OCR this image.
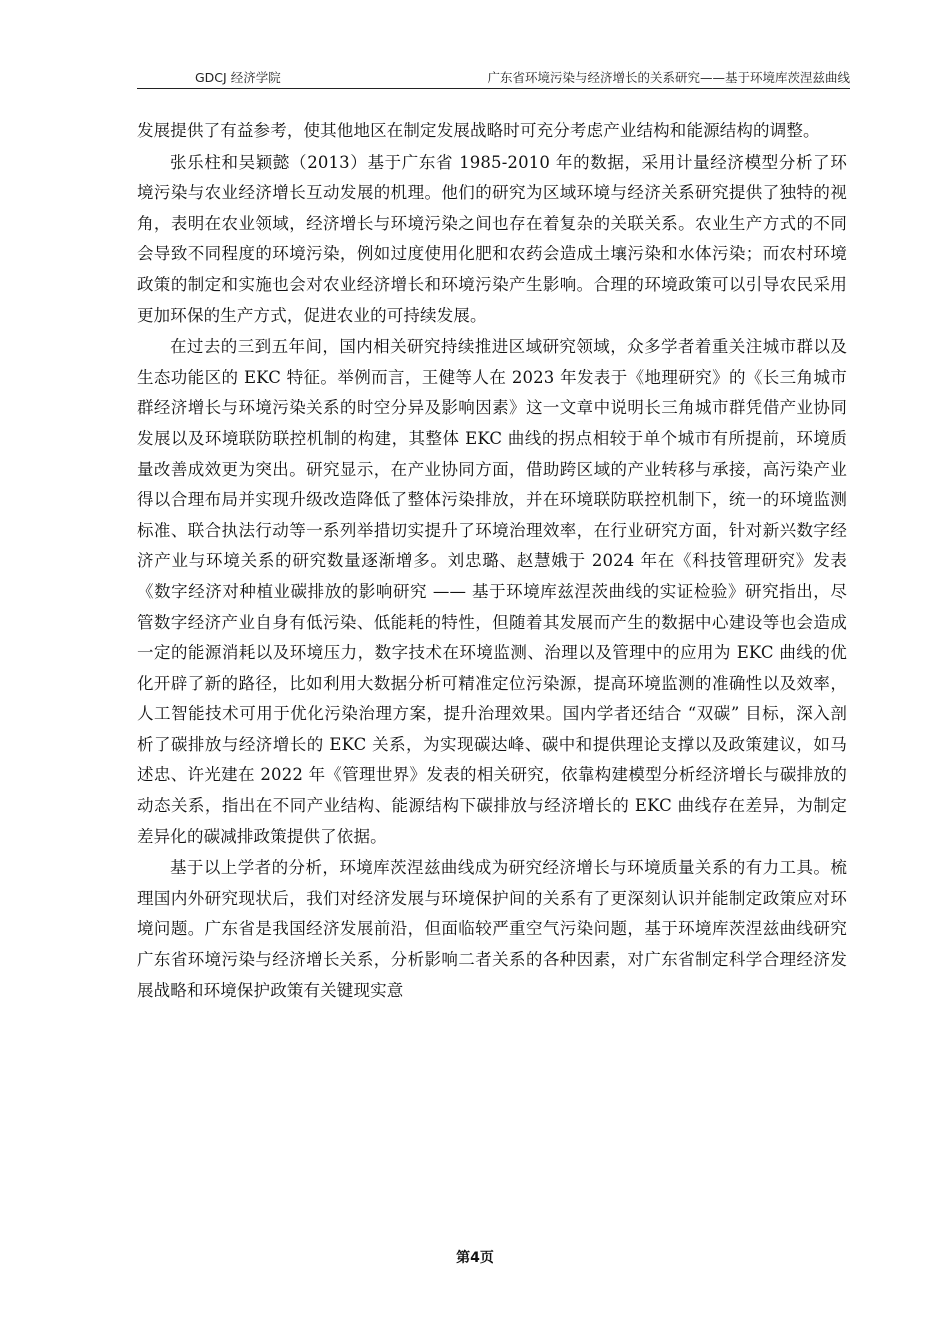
GDCJ 经济学院	广东省环境污染与经济增长的关系研究——基于环境库茨涅兹曲线

发展提供了有益参考，使其他地区在制定发展战略时可充分考虑产业结构和能源结构的调整。

张乐柱和吴颖懿（2013）基于广东省 1985-2010 年的数据，采用计量经济模型分析了环境污染与农业经济增长互动发展的机理。他们的研究为区域环境与经济关系研究提供了独特的视角，表明在农业领域，经济增长与环境污染之间也存在着复杂的关联关系。农业生产方式的不同会导致不同程度的环境污染，例如过度使用化肥和农药会造成土壤污染和水体污染；而农村环境政策的制定和实施也会对农业经济增长和环境污染产生影响。合理的环境政策可以引导农民采用更加环保的生产方式，促进农业的可持续发展。

在过去的三到五年间，国内相关研究持续推进区域研究领域，众多学者着重关注城市群以及生态功能区的 EKC 特征。举例而言，王健等人在 2023 年发表于《地理研究》的《长三角城市群经济增长与环境污染关系的时空分异及影响因素》这一文章中说明长三角城市群凭借产业协同发展以及环境联防联控机制的构建，其整体 EKC 曲线的拐点相较于单个城市有所提前，环境质量改善成效更为突出。研究显示，在产业协同方面，借助跨区域的产业转移与承接，高污染产业得以合理布局并实现升级改造降低了整体污染排放，并在环境联防联控机制下，统一的环境监测标准、联合执法行动等一系列举措切实提升了环境治理效率，在行业研究方面，针对新兴数字经济产业与环境关系的研究数量逐渐增多。刘忠璐、赵慧娥于 2024 年在《科技管理研究》发表《数字经济对种植业碳排放的影响研究 —— 基于环境库兹涅茨曲线的实证检验》研究指出，尽管数字经济产业自身有低污染、低能耗的特性，但随着其发展而产生的数据中心建设等也会造成一定的能源消耗以及环境压力，数字技术在环境监测、治理以及管理中的应用为 EKC 曲线的优化开辟了新的路径，比如利用大数据分析可精准定位污染源，提高环境监测的准确性以及效率，人工智能技术可用于优化污染治理方案，提升治理效果。国内学者还结合 “双碳” 目标，深入剖析了碳排放与经济增长的 EKC 关系，为实现碳达峰、碳中和提供理论支撑以及政策建议，如马述忠、许光建在 2022 年《管理世界》发表的相关研究，依靠构建模型分析经济增长与碳排放的动态关系，指出在不同产业结构、能源结构下碳排放与经济增长的 EKC 曲线存在差异，为制定差异化的碳减排政策提供了依据。

基于以上学者的分析，环境库茨涅兹曲线成为研究经济增长与环境质量关系的有力工具。梳理国内外研究现状后，我们对经济发展与环境保护间的关系有了更深刻认识并能制定政策应对环境问题。广东省是我国经济发展前沿，但面临较严重空气污染问题，基于环境库茨涅兹曲线研究广东省环境污染与经济增长关系，分析影响二者关系的各种因素，对广东省制定科学合理经济发展战略和环境保护政策有关键现实意

第4页
